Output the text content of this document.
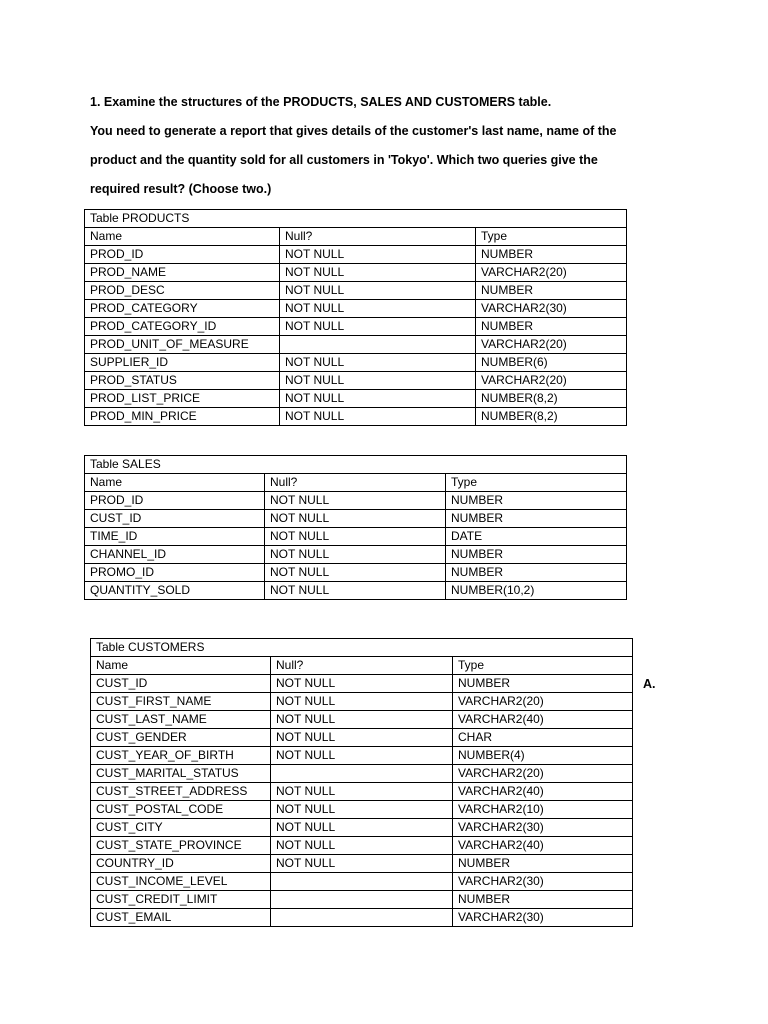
1. Examine the structures of the PRODUCTS, SALES AND CUSTOMERS table.
You need to generate a report that gives details of the customer's last name, name of the
product and the quantity sold for all customers in 'Tokyo'. Which two queries give the
required result? (Choose two.)
Table PRODUCTS		
Name	Null?	Type
PROD_ID	NOT NULL	NUMBER
PROD_NAME	NOT NULL	VARCHAR2(20)
PROD_DESC	NOT NULL	NUMBER
PROD_CATEGORY	NOT NULL	VARCHAR2(30)
PROD_CATEGORY_ID	NOT NULL	NUMBER
PROD_UNIT_OF_MEASURE		VARCHAR2(20)
SUPPLIER_ID	NOT NULL	NUMBER(6)
PROD_STATUS	NOT NULL	VARCHAR2(20)
PROD_LIST_PRICE	NOT NULL	NUMBER(8,2)
PROD_MIN_PRICE	NOT NULL	NUMBER(8,2)
Table SALES		
Name	Null?	Type
PROD_ID	NOT NULL	NUMBER
CUST_ID	NOT NULL	NUMBER
TIME_ID	NOT NULL	DATE
CHANNEL_ID	NOT NULL	NUMBER
PROMO_ID	NOT NULL	NUMBER
QUANTITY_SOLD	NOT NULL	NUMBER(10,2)
Table CUSTOMERS		
Name	Null?	Type
CUST_ID	NOT NULL	NUMBER
CUST_FIRST_NAME	NOT NULL	VARCHAR2(20)
CUST_LAST_NAME	NOT NULL	VARCHAR2(40)
CUST_GENDER	NOT NULL	CHAR
CUST_YEAR_OF_BIRTH	NOT NULL	NUMBER(4)
CUST_MARITAL_STATUS		VARCHAR2(20)
CUST_STREET_ADDRESS	NOT NULL	VARCHAR2(40)
CUST_POSTAL_CODE	NOT NULL	VARCHAR2(10)
CUST_CITY	NOT NULL	VARCHAR2(30)
CUST_STATE_PROVINCE	NOT NULL	VARCHAR2(40)
COUNTRY_ID	NOT NULL	NUMBER
CUST_INCOME_LEVEL		VARCHAR2(30)
CUST_CREDIT_LIMIT		NUMBER
CUST_EMAIL		VARCHAR2(30)
A.
